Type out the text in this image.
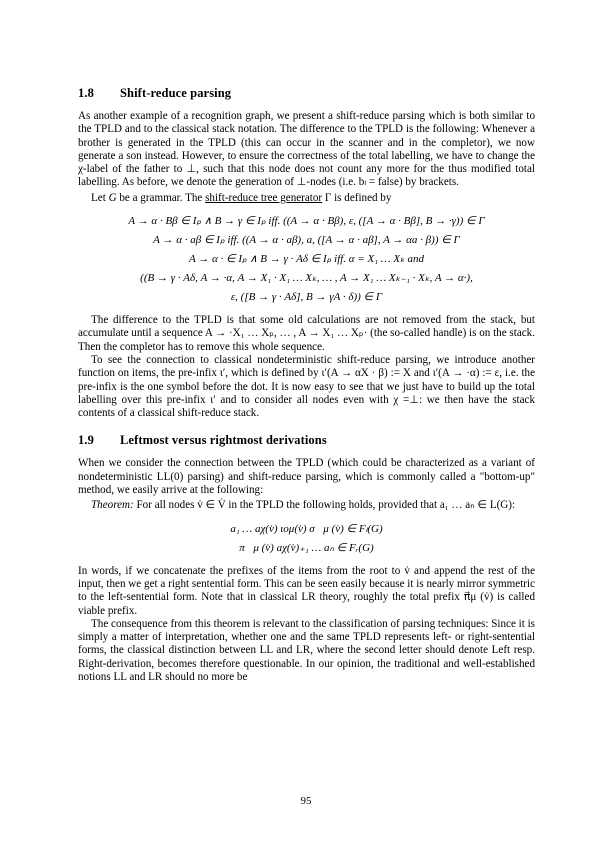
1.8 Shift-reduce parsing

As another example of a recognition graph, we present a shift-reduce parsing which is both similar to the TPLD and to the classical stack notation. The difference to the TPLD is the following: Whenever a brother is generated in the TPLD (this can occur in the scanner and in the completor), we now generate a son instead. However, to ensure the correctness of the total labelling, we have to change the χ-label of the father to ⊥, such that this node does not count any more for the thus modified total labelling. As before, we denote the generation of ⊥-nodes (i.e. bₗ = false) by brackets.

Let G be a grammar. The shift-reduce tree generator Γ is defined by

A → α · Bβ ∈ Iₚ ∧ B → γ ∈ Iₚ iff. ((A → α · Bβ), ε, ([A → α · Bβ], B → ·γ)) ∈ Γ
A → α · aβ ∈ Iₚ iff. ((A → α · aβ), a, ([A → α · aβ], A → αa · β)) ∈ Γ
A → α · ∈ Iₚ ∧ B → γ · Aδ ∈ Iₚ iff. α = X₁ … Xₖ and
((B → γ · Aδ, A → ·α, A → X₁ · X₁ … Xₖ, … , A → X₁ … Xₖ₋₁ · Xₖ, A → α·),
ε, ([B → γ · Aδ], B → γA · δ)) ∈ Γ

The difference to the TPLD is that some old calculations are not removed from the stack, but accumulate until a sequence A → ·X₁ … Xₚ, … , A → X₁ … Xₚ· (the so-called handle) is on the stack. Then the completor has to remove this whole sequence.

To see the connection to classical nondeterministic shift-reduce parsing, we introduce another function on items, the pre-infix ι′, which is defined by ι′(A → αX · β) := X and ι′(A → ·α) := ε, i.e. the pre-infix is the one symbol before the dot. It is now easy to see that we just have to build up the total labelling over this pre-infix ι′ and to consider all nodes even with χ =⊥: we then have the stack contents of a classical shift-reduce stack.

1.9 Leftmost versus rightmost derivations

When we consider the connection between the TPLD (which could be characterized as a variant of nondeterministic LL(0) parsing) and shift-reduce parsing, which is commonly called a "bottom-up" method, we easily arrive at the following:

Theorem: For all nodes v̇ ∈ V̇ in the TPLD the following holds, provided that a₁ … aₙ ∈ L(G):

a₁ … aχ(v̇) ιομ(v̇) σ⃗μ (v̇) ∈ Fₗ(G)
π⃗μ (v̇) aχ(v̇)₊₁ … aₙ ∈ Fᵣ(G)

In words, if we concatenate the prefixes of the items from the root to v̇ and append the rest of the input, then we get a right sentential form. This can be seen easily because it is nearly mirror symmetric to the left-sentential form. Note that in classical LR theory, roughly the total prefix π⃗μ (v̇) is called viable prefix.

The consequence from this theorem is relevant to the classification of parsing techniques: Since it is simply a matter of interpretation, whether one and the same TPLD represents left- or right-sentential forms, the classical distinction between LL and LR, where the second letter should denote Left resp. Right-derivation, becomes therefore questionable. In our opinion, the traditional and well-established notions LL and LR should no more be

95
